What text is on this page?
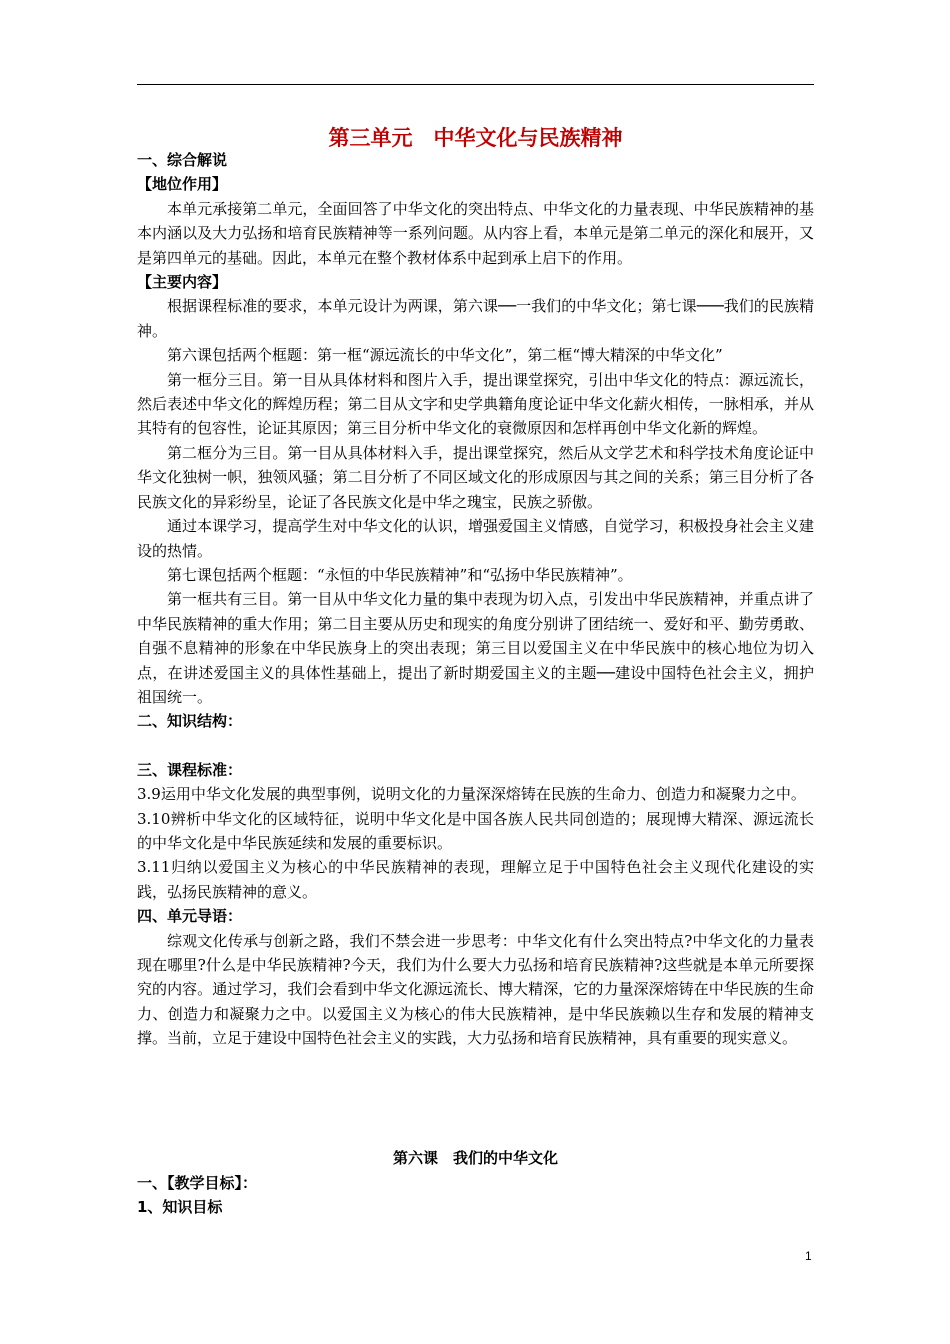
第三单元　中华文化与民族精神

一、综合解说

【地位作用】

本单元承接第二单元，全面回答了中华文化的突出特点、中华文化的力量表现、中华民族精神的基本内涵以及大力弘扬和培育民族精神等一系列问题。从内容上看，本单元是第二单元的深化和展开，又是第四单元的基础。因此，本单元在整个教材体系中起到承上启下的作用。

【主要内容】

根据课程标准的要求，本单元设计为两课，第六课──一我们的中华文化；第七课───我们的民族精神。

第六课包括两个框题：第一框“源远流长的中华文化”，第二框“博大精深的中华文化”

第一框分三目。第一目从具体材料和图片入手，提出课堂探究，引出中华文化的特点：源远流长，然后表述中华文化的辉煌历程；第二目从文字和史学典籍角度论证中华文化薪火相传，一脉相承，并从其特有的包容性，论证其原因；第三目分析中华文化的衰微原因和怎样再创中华文化新的辉煌。

第二框分为三目。第一目从具体材料入手，提出课堂探究，然后从文学艺术和科学技术角度论证中华文化独树一帜，独领风骚；第二目分析了不同区域文化的形成原因与其之间的关系；第三目分析了各民族文化的异彩纷呈，论证了各民族文化是中华之瑰宝，民族之骄傲。

通过本课学习，提高学生对中华文化的认识，增强爱国主义情感，自觉学习，积极投身社会主义建设的热情。

第七课包括两个框题：“永恒的中华民族精神”和“弘扬中华民族精神”。

第一框共有三目。第一目从中华文化力量的集中表现为切入点，引发出中华民族精神，并重点讲了中华民族精神的重大作用；第二目主要从历史和现实的角度分别讲了团结统一、爱好和平、勤劳勇敢、自强不息精神的形象在中华民族身上的突出表现；第三目以爱国主义在中华民族中的核心地位为切入点，在讲述爱国主义的具体性基础上，提出了新时期爱国主义的主题──建设中国特色社会主义，拥护祖国统一。

二、知识结构：

三、课程标准：

3.9运用中华文化发展的典型事例，说明文化的力量深深熔铸在民族的生命力、创造力和凝聚力之中。

3.10辨析中华文化的区域特征，说明中华文化是中国各族人民共同创造的；展现博大精深、源远流长的中华文化是中华民族延续和发展的重要标识。

3.11归纳以爱国主义为核心的中华民族精神的表现，理解立足于中国特色社会主义现代化建设的实践，弘扬民族精神的意义。

四、单元导语：

综观文化传承与创新之路，我们不禁会进一步思考：中华文化有什么突出特点?中华文化的力量表现在哪里?什么是中华民族精神?今天，我们为什么要大力弘扬和培育民族精神?这些就是本单元所要探究的内容。通过学习，我们会看到中华文化源远流长、博大精深，它的力量深深熔铸在中华民族的生命力、创造力和凝聚力之中。以爱国主义为核心的伟大民族精神，是中华民族赖以生存和发展的精神支撑。当前，立足于建设中国特色社会主义的实践，大力弘扬和培育民族精神，具有重要的现实意义。

第六课　我们的中华文化

一、【教学目标】：

1、知识目标

1
